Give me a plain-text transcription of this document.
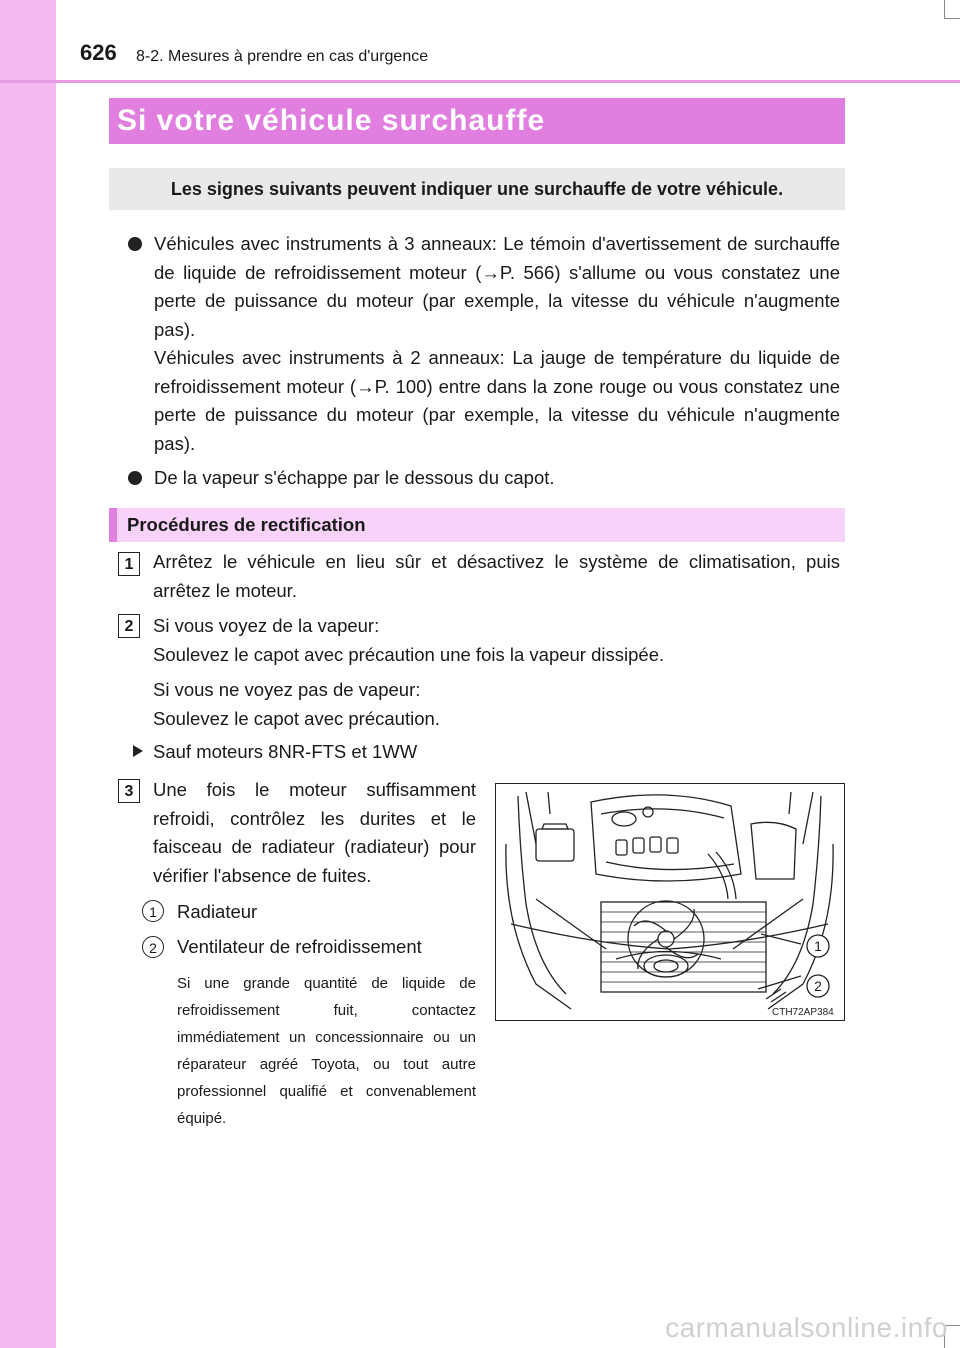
626 8-2. Mesures à prendre en cas d'urgence
Si votre véhicule surchauffe
Les signes suivants peuvent indiquer une surchauffe de votre véhicule.
Véhicules avec instruments à 3 anneaux: Le témoin d'avertissement de surchauffe de liquide de refroidissement moteur (→P. 566) s'allume ou vous constatez une perte de puissance du moteur (par exemple, la vitesse du véhicule n'augmente pas).
Véhicules avec instruments à 2 anneaux: La jauge de température du liquide de refroidissement moteur (→P. 100) entre dans la zone rouge ou vous constatez une perte de puissance du moteur (par exemple, la vitesse du véhicule n'augmente pas).
De la vapeur s'échappe par le dessous du capot.
Procédures de rectification
1	Arrêtez le véhicule en lieu sûr et désactivez le système de climatisation, puis arrêtez le moteur.
2	Si vous voyez de la vapeur:
Soulevez le capot avec précaution une fois la vapeur dissipée.
Si vous ne voyez pas de vapeur:
Soulevez le capot avec précaution.
Sauf moteurs 8NR-FTS et 1WW
3	Une fois le moteur suffisamment refroidi, contrôlez les durites et le faisceau de radiateur (radiateur) pour vérifier l'absence de fuites.
1	Radiateur
2	Ventilateur de refroidissement
Si une grande quantité de liquide de refroidissement fuit, contactez immédiatement un concessionnaire ou un réparateur agréé Toyota, ou tout autre professionnel qualifié et convenablement équipé.
1
2
CTH72AP384
carmanualsonline.info
